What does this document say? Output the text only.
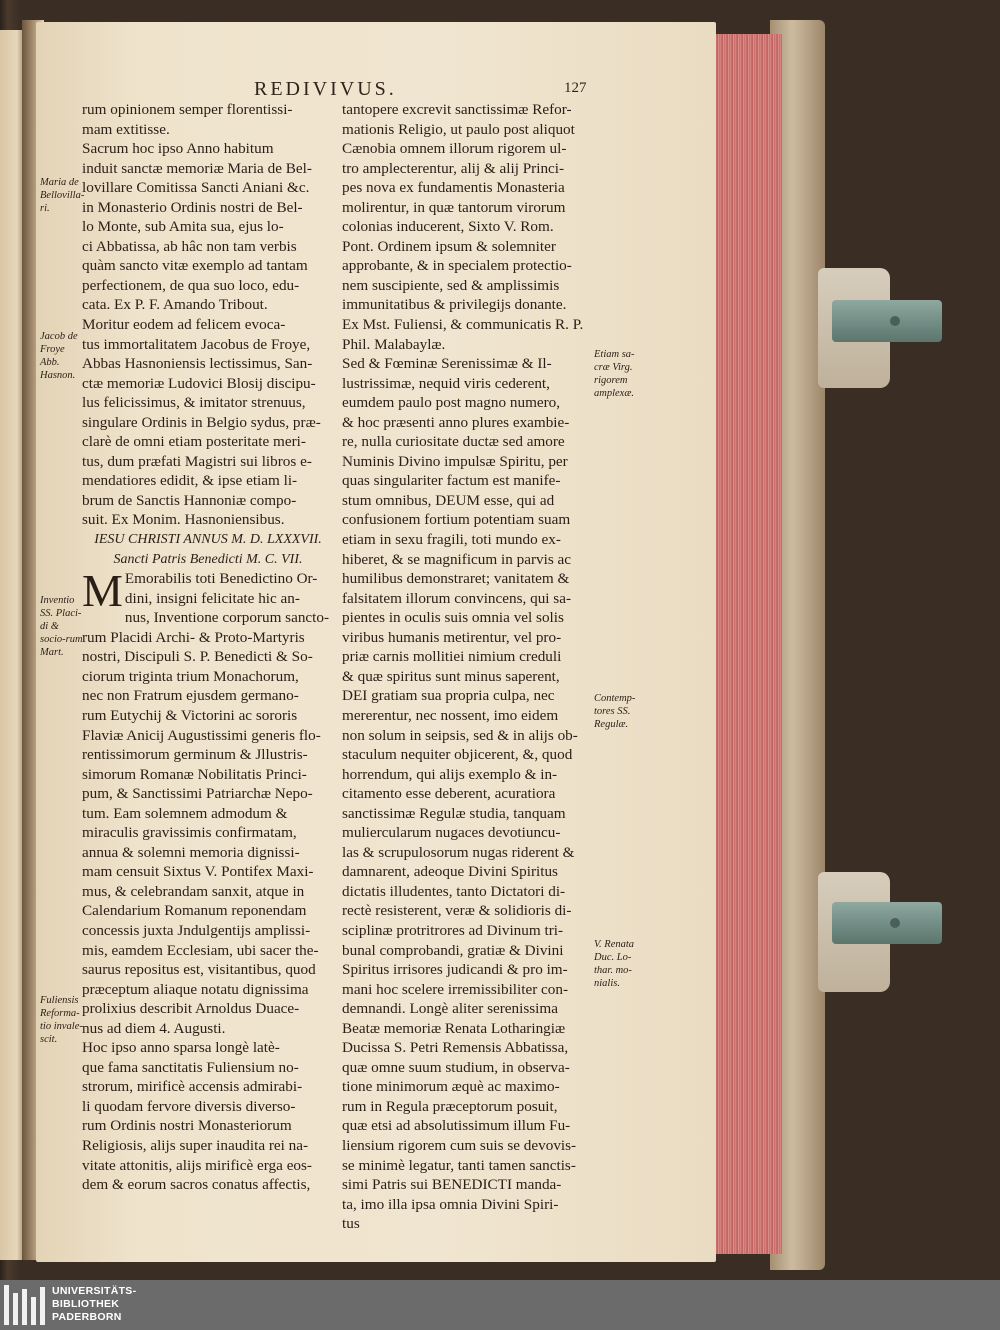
REDIVIVUS.	127
rum opinionem semper florentissi-
mam extitisse.
Sacrum hoc ipso Anno habitum
induit sanctæ memoriæ Maria de Bel-
lovillare Comitissa Sancti Aniani &c.
in Monasterio Ordinis nostri de Bel-
lo Monte, sub Amita sua, ejus lo-
ci Abbatissa, ab hâc non tam verbis
quàm sancto vitæ exemplo ad tantam
perfectionem, de qua suo loco, edu-
cata. Ex P. F. Amando Tribout.
Moritur eodem ad felicem evoca-
tus immortalitatem Jacobus de Froye,
Abbas Hasnoniensis lectissimus, San-
ctæ memoriæ Ludovici Blosij discipu-
lus felicissimus, & imitator strenuus,
singulare Ordinis in Belgio sydus, præ-
clarè de omni etiam posteritate meri-
tus, dum præfati Magistri sui libros e-
mendatiores edidit, & ipse etiam li-
brum de Sanctis Hannoniæ compo-
suit. Ex Monim. Hasnoniensibus.
IESU CHRISTI ANNUS M. D. LXXXVII.
Sancti Patris Benedicti M. C. VII.
M Emorabilis toti Benedictino Or-
dini, insigni felicitate hic an-
nus, Inventione corporum sancto-
rum Placidi Archi- & Proto-Martyris
nostri, Discipuli S. P. Benedicti & So-
ciorum triginta trium Monachorum,
nec non Fratrum ejusdem germano-
rum Eutychij & Victorini ac sororis
Flaviæ Anicij Augustissimi generis flo-
rentissimorum germinum & Jllustris-
simorum Romanæ Nobilitatis Princi-
pum, & Sanctissimi Patriarchæ Nepo-
tum. Eam solemnem admodum &
miraculis gravissimis confirmatam,
annua & solemni memoria dignissi-
mam censuit Sixtus V. Pontifex Maxi-
mus, & celebrandam sanxit, atque in
Calendarium Romanum reponendam
concessis juxta Jndulgentijs amplissi-
mis, eamdem Ecclesiam, ubi sacer the-
saurus repositus est, visitantibus, quod
præceptum aliaque notatu dignissima
prolixius describit Arnoldus Duace-
nus ad diem 4. Augusti.
Hoc ipso anno sparsa longè latè-
que fama sanctitatis Fuliensium no-
strorum, mirificè accensis admirabi-
li quodam fervore diversis diverso-
rum Ordinis nostri Monasteriorum
Religiosis, alijs super inaudita rei na-
vitate attonitis, alijs mirificè erga eos-
dem & eorum sacros conatus affectis,
tantopere excrevit sanctissimæ Refor-
mationis Religio, ut paulo post aliquot
Cænobia omnem illorum rigorem ul-
tro amplecterentur, alij & alij Princi-
pes nova ex fundamentis Monasteria
molirentur, in quæ tantorum virorum
colonias inducerent, Sixto V. Rom.
Pont. Ordinem ipsum & solemniter
approbante, & in specialem protectio-
nem suscipiente, sed & amplissimis
immunitatibus & privilegijs donante.
Ex Mst. Fuliensi, & communicatis R. P.
Phil. Malabaylæ.
Sed & Fœminæ Serenissimæ & Il-
lustrissimæ, nequid viris cederent,
eumdem paulo post magno numero,
& hoc præsenti anno plures exambie-
re, nulla curiositate ductæ sed amore
Numinis Divino impulsæ Spiritu, per
quas singulariter factum est manife-
stum omnibus, DEUM esse, qui ad
confusionem fortium potentiam suam
etiam in sexu fragili, toti mundo ex-
hiberet, & se magnificum in parvis ac
humilibus demonstraret; vanitatem &
falsitatem illorum convincens, qui sa-
pientes in oculis suis omnia vel solis
viribus humanis metirentur, vel pro-
priæ carnis mollitiei nimium creduli
& quæ spiritus sunt minus saperent,
DEI gratiam sua propria culpa, nec
mererentur, nec nossent, imo eidem
non solum in seipsis, sed & in alijs ob-
staculum nequiter objicerent, &, quod
horrendum, qui alijs exemplo & in-
citamento esse deberent, acuratiora
sanctissimæ Regulæ studia, tanquam
muliercularum nugaces devotiuncu-
las & scrupulosorum nugas riderent &
damnarent, adeoque Divini Spiritus
dictatis illudentes, tanto Dictatori di-
rectè resisterent, veræ & solidioris di-
sciplinæ protritrores ad Divinum tri-
bunal comprobandi, gratiæ & Divini
Spiritus irrisores judicandi & pro im-
mani hoc scelere irremissibiliter con-
demnandi. Longè aliter serenissima
Beatæ memoriæ Renata Lotharingiæ
Ducissa S. Petri Remensis Abbatissa,
quæ omne suum studium, in observa-
tione minimorum æquè ac maximo-
rum in Regula præceptorum posuit,
quæ etsi ad absolutissimum illum Fu-
liensium rigorem cum suis se devovis-
se minimè legatur, tanti tamen sanctis-
simi Patris sui BENEDICTI manda-
ta, imo illa ipsa omnia Divini Spiri-
tus
Maria de Bellovilla-ri.
Jacob de Froye Abb. Hasnon.
Inventio SS. Placi-di & socio-rum Mart.
Fuliensis Reforma-tio invale-scit.
Etiam sa-cræ Virg. rigorem amplexæ.
Contemp-tores SS. Regulæ.
V. Renata Duc. Lo-thar. mo-nialis.
UNIVERSITÄTS-
BIBLIOTHEK
PADERBORN
